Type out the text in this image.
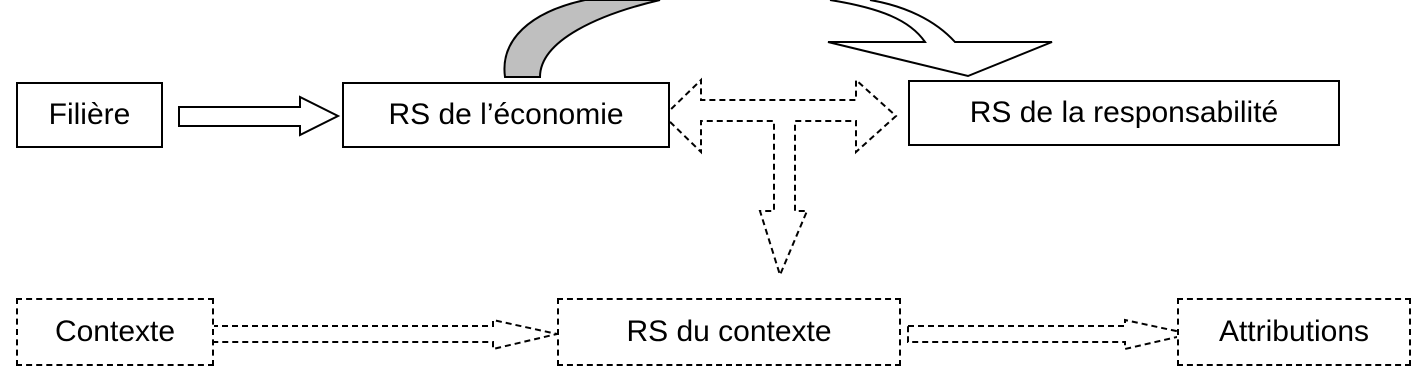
Filière	RS de l’économie	RS de la responsabilité
Contexte	RS du contexte	Attributions
